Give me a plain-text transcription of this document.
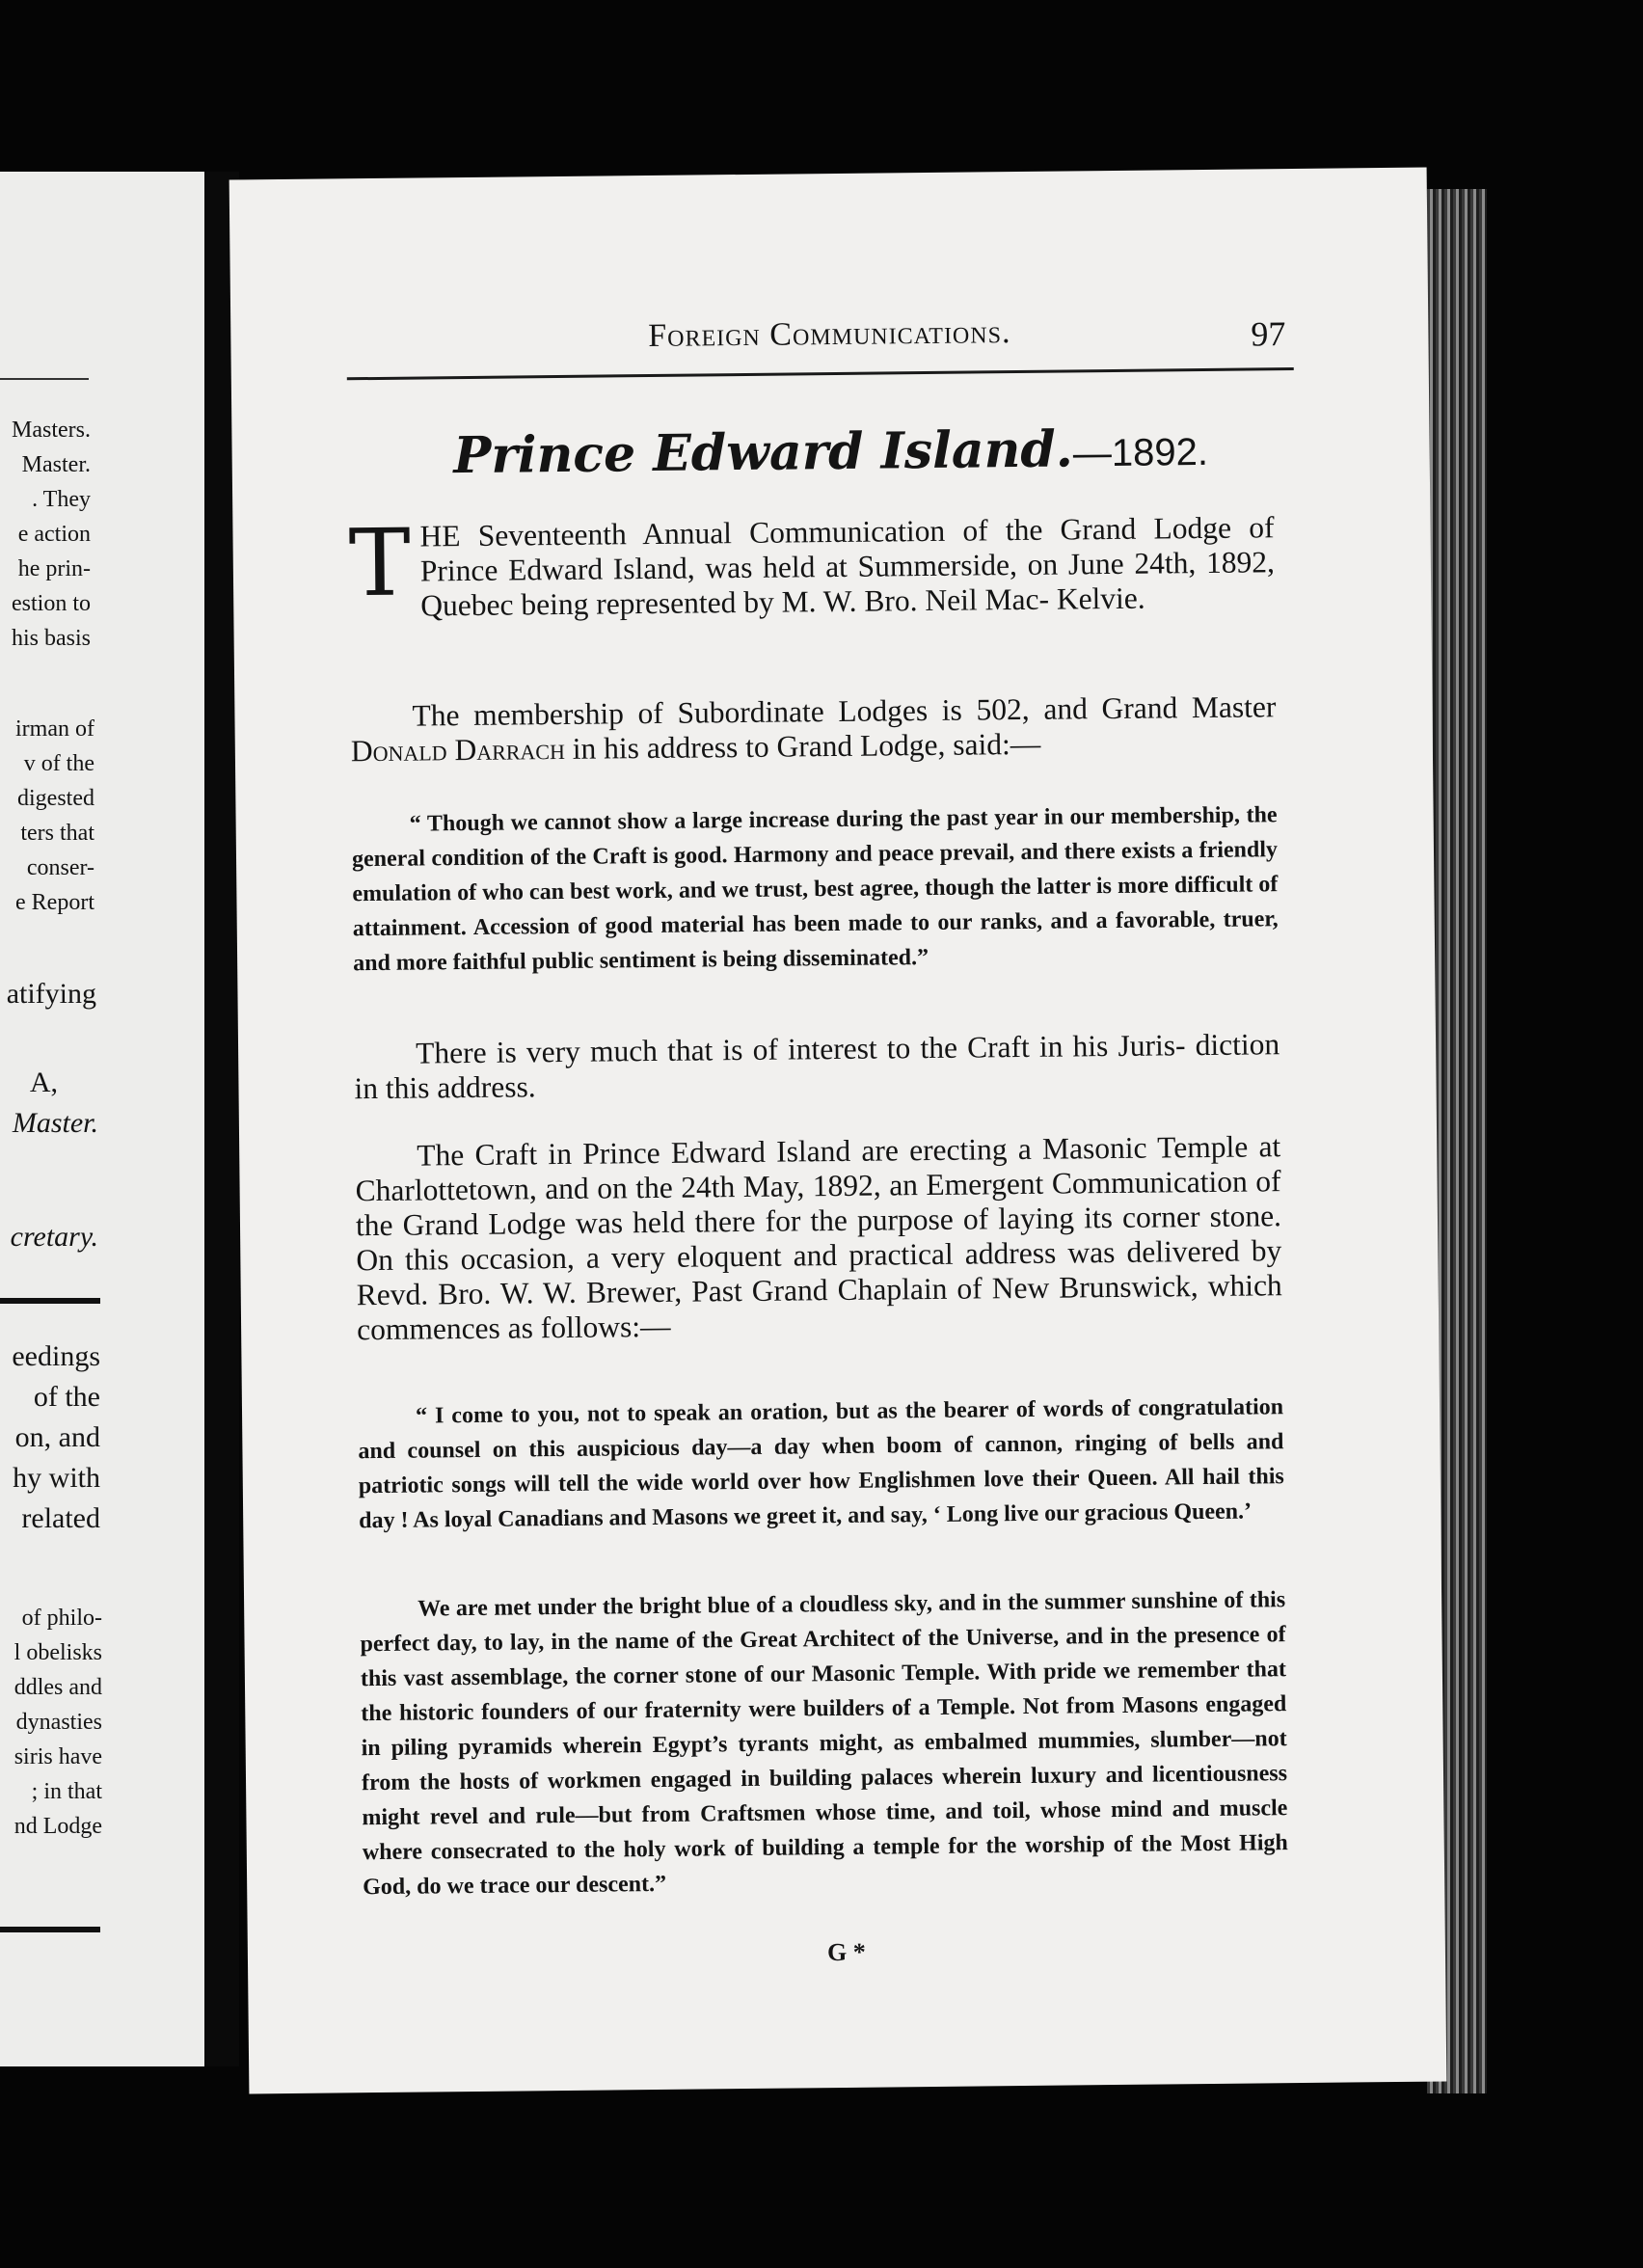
Masters.
Master.
. They
e action
he prin-
estion to
his basis
irman of
v of the
digested
ters that
conser-
e Report
atifying
A,
Master.
cretary.
eedings
of the
on, and
hy with
related
of philo-
l obelisks
ddles and
dynasties
siris have
; in that
nd Lodge
Foreign Communications.	97
Prince Edward Island.—1892.

THE Seventeenth Annual Communication of the Grand Lodge of Prince Edward Island, was held at Summerside, on June 24th, 1892, Quebec being represented by M. W. Bro. Neil Mac- Kelvie.

The membership of Subordinate Lodges is 502, and Grand Master Donald Darrach in his address to Grand Lodge, said:—

“ Though we cannot show a large increase during the past year in our membership, the general condition of the Craft is good. Harmony and peace prevail, and there exists a friendly emulation of who can best work, and we trust, best agree, though the latter is more difficult of attainment. Accession of good material has been made to our ranks, and a favorable, truer, and more faithful public sentiment is being disseminated.”

There is very much that is of interest to the Craft in his Juris- diction in this address.

The Craft in Prince Edward Island are erecting a Masonic Temple at Charlottetown, and on the 24th May, 1892, an Emergent Communication of the Grand Lodge was held there for the purpose of laying its corner stone. On this occasion, a very eloquent and practical address was delivered by Revd. Bro. W. W. Brewer, Past Grand Chaplain of New Brunswick, which commences as follows:—

“ I come to you, not to speak an oration, but as the bearer of words of congratulation and counsel on this auspicious day—a day when boom of cannon, ringing of bells and patriotic songs will tell the wide world over how Englishmen love their Queen. All hail this day ! As loyal Canadians and Masons we greet it, and say, ‘ Long live our gracious Queen.’

We are met under the bright blue of a cloudless sky, and in the summer sunshine of this perfect day, to lay, in the name of the Great Architect of the Universe, and in the presence of this vast assemblage, the corner stone of our Masonic Temple. With pride we remember that the historic founders of our fraternity were builders of a Temple. Not from Masons engaged in piling pyramids wherein Egypt’s tyrants might, as embalmed mummies, slumber—not from the hosts of workmen engaged in building palaces wherein luxury and licentiousness might revel and rule—but from Craftsmen whose time, and toil, whose mind and muscle where consecrated to the holy work of building a temple for the worship of the Most High God, do we trace our descent.”

G *
